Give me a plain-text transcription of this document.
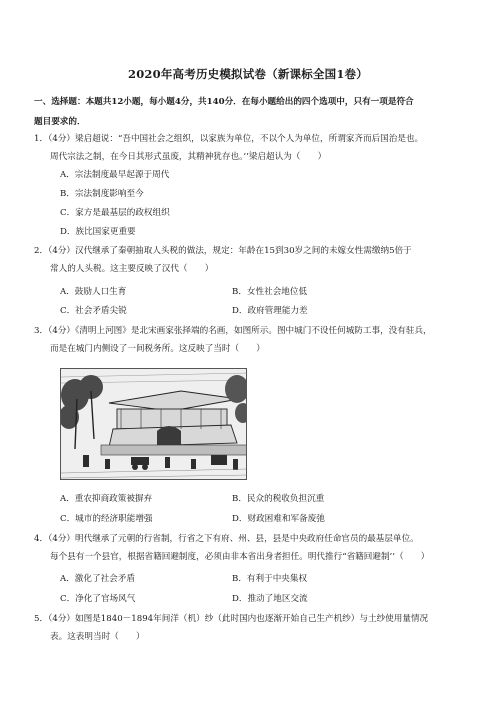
2020年高考历史模拟试卷（新课标全国1卷）
一、选择题：本题共12小题，每小题4分，共140分．在每小题给出的四个选项中，只有一项是符合
题目要求的．
1．（4分）梁启超说：“吾中国社会之组织，以家族为单位，不以个人为单位，所谓家齐而后国治是也。
周代宗法之制，在今日其形式虽废，其精神犹存也。’’梁启超认为（　　）
A．宗法制度最早起源于周代
B．宗法制度影响至今
C．家方是最基层的政权组织
D．族比国家更重要
2．（4分）汉代继承了秦朝抽取人头税的做法，规定：年龄在15到30岁之间的未嫁女性需缴纳5倍于
常人的人头税。这主要反映了汉代（　　）
A．鼓励人口生育	B．女性社会地位低
C．社会矛盾尖锐	D．政府管理能力差
3．（4分）《清明上河图》是北宋画家张择端的名画，如图所示。图中城门不设任何城防工事，没有驻兵，
而是在城门内侧设了一间税务所。这反映了当时（　　）
A．重农抑商政策被摒弃	B．民众的税收负担沉重
C．城市的经济职能增强	D．财政困难和军备废弛
4．（4分）明代继承了元朝的行省制，行省之下有府、州、县，县是中央政府任命官员的最基层单位。
每个县有一个县官，根据省籍回避制度，必须由非本省出身者担任。明代推行“省籍回避制’’（　　）
A．激化了社会矛盾	B．有利于中央集权
C．净化了官场风气	D．推动了地区交流
5．（4分）如图是1840－1894年间洋（机）纱（此时国内也逐渐开始自己生产机纱）与土纱使用量情况
表。这表明当时（　　）
